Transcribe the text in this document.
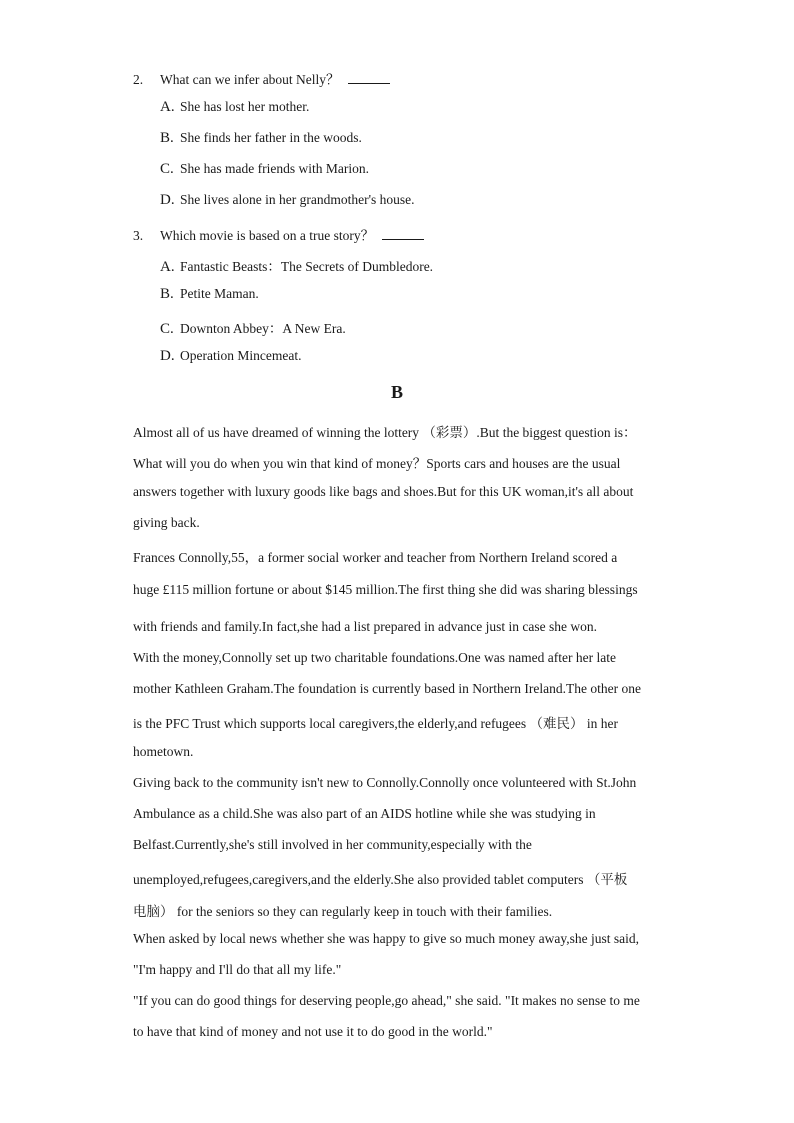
2. What can we infer about Nelly？
A. She has lost her mother.
B. She finds her father in the woods.
C. She has made friends with Marion.
D. She lives alone in her grandmother's house.
3. Which movie is based on a true story？
A. Fantastic Beasts：The Secrets of Dumbledore.
B. Petite Maman.
C. Downton Abbey：A New Era.
D. Operation Mincemeat.
B
Almost all of us have dreamed of winning the lottery （彩票）.But the biggest question is：
What will you do when you win that kind of money？Sports cars and houses are the usual
answers together with luxury goods like bags and shoes.But for this UK woman,it's all about
giving back.
Frances Connolly,55，a former social worker and teacher from Northern Ireland scored a
huge £115 million fortune or about $145 million.The first thing she did was sharing blessings
with friends and family.In fact,she had a list prepared in advance just in case she won.
With the money,Connolly set up two charitable foundations.One was named after her late
mother Kathleen Graham.The foundation is currently based in Northern Ireland.The other one
is the PFC Trust which supports local caregivers,the elderly,and refugees （难民） in her
hometown.
Giving back to the community isn't new to Connolly.Connolly once volunteered with St.John
Ambulance as a child.She was also part of an AIDS hotline while she was studying in
Belfast.Currently,she's still involved in her community,especially with the
unemployed,refugees,caregivers,and the elderly.She also provided tablet computers （平板
电脑） for the seniors so they can regularly keep in touch with their families.
When asked by local news whether she was happy to give so much money away,she just said,
"I'm happy and I'll do that all my life."
"If you can do good things for deserving people,go ahead," she said. "It makes no sense to me
to have that kind of money and not use it to do good in the world."
